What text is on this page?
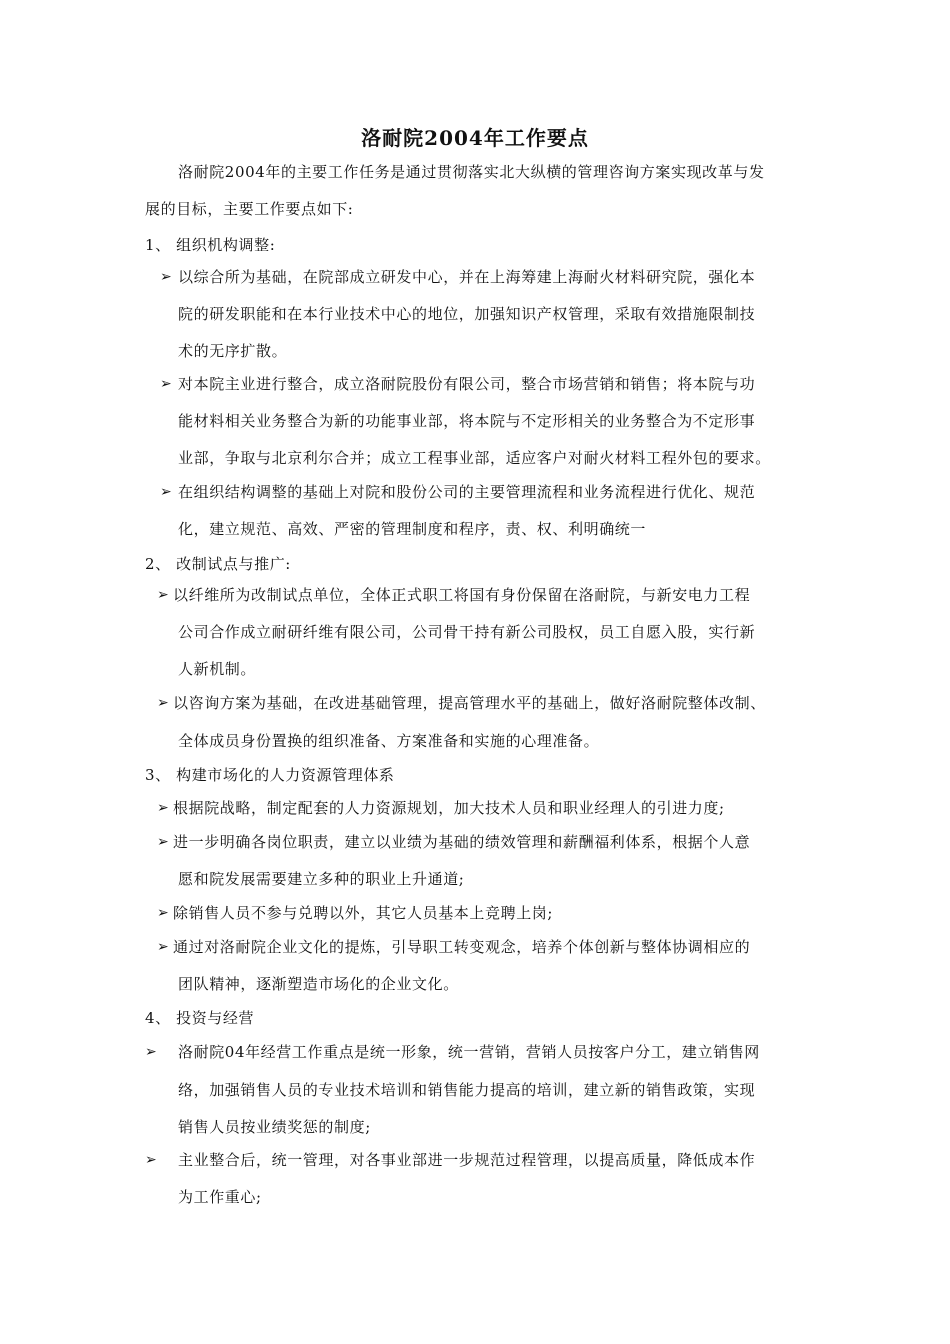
洛耐院2004年工作要点
洛耐院2004年的主要工作任务是通过贯彻落实北大纵横的管理咨询方案实现改革与发
展的目标，主要工作要点如下:
1、 组织机构调整:
➢ 以综合所为基础，在院部成立研发中心，并在上海筹建上海耐火材料研究院，强化本
院的研发职能和在本行业技术中心的地位，加强知识产权管理，采取有效措施限制技
术的无序扩散。
➢ 对本院主业进行整合，成立洛耐院股份有限公司，整合市场营销和销售；将本院与功
能材料相关业务整合为新的功能事业部，将本院与不定形相关的业务整合为不定形事
业部，争取与北京利尔合并；成立工程事业部，适应客户对耐火材料工程外包的要求。
➢ 在组织结构调整的基础上对院和股份公司的主要管理流程和业务流程进行优化、规范
化，建立规范、高效、严密的管理制度和程序，责、权、利明确统一
2、 改制试点与推广:
➢ 以纤维所为改制试点单位，全体正式职工将国有身份保留在洛耐院，与新安电力工程
公司合作成立耐研纤维有限公司，公司骨干持有新公司股权，员工自愿入股，实行新
人新机制。
➢ 以咨询方案为基础，在改进基础管理，提高管理水平的基础上，做好洛耐院整体改制、
全体成员身份置换的组织准备、方案准备和实施的心理准备。
3、 构建市场化的人力资源管理体系
➢ 根据院战略，制定配套的人力资源规划，加大技术人员和职业经理人的引进力度;
➢ 进一步明确各岗位职责，建立以业绩为基础的绩效管理和薪酬福利体系，根据个人意
愿和院发展需要建立多种的职业上升通道;
➢ 除销售人员不参与兑聘以外，其它人员基本上竞聘上岗;
➢ 通过对洛耐院企业文化的提炼，引导职工转变观念，培养个体创新与整体协调相应的
团队精神，逐渐塑造市场化的企业文化。
4、 投资与经营
➢ 洛耐院04年经营工作重点是统一形象，统一营销，营销人员按客户分工，建立销售网
络，加强销售人员的专业技术培训和销售能力提高的培训，建立新的销售政策，实现
销售人员按业绩奖惩的制度;
➢ 主业整合后，统一管理，对各事业部进一步规范过程管理，以提高质量，降低成本作
为工作重心;
